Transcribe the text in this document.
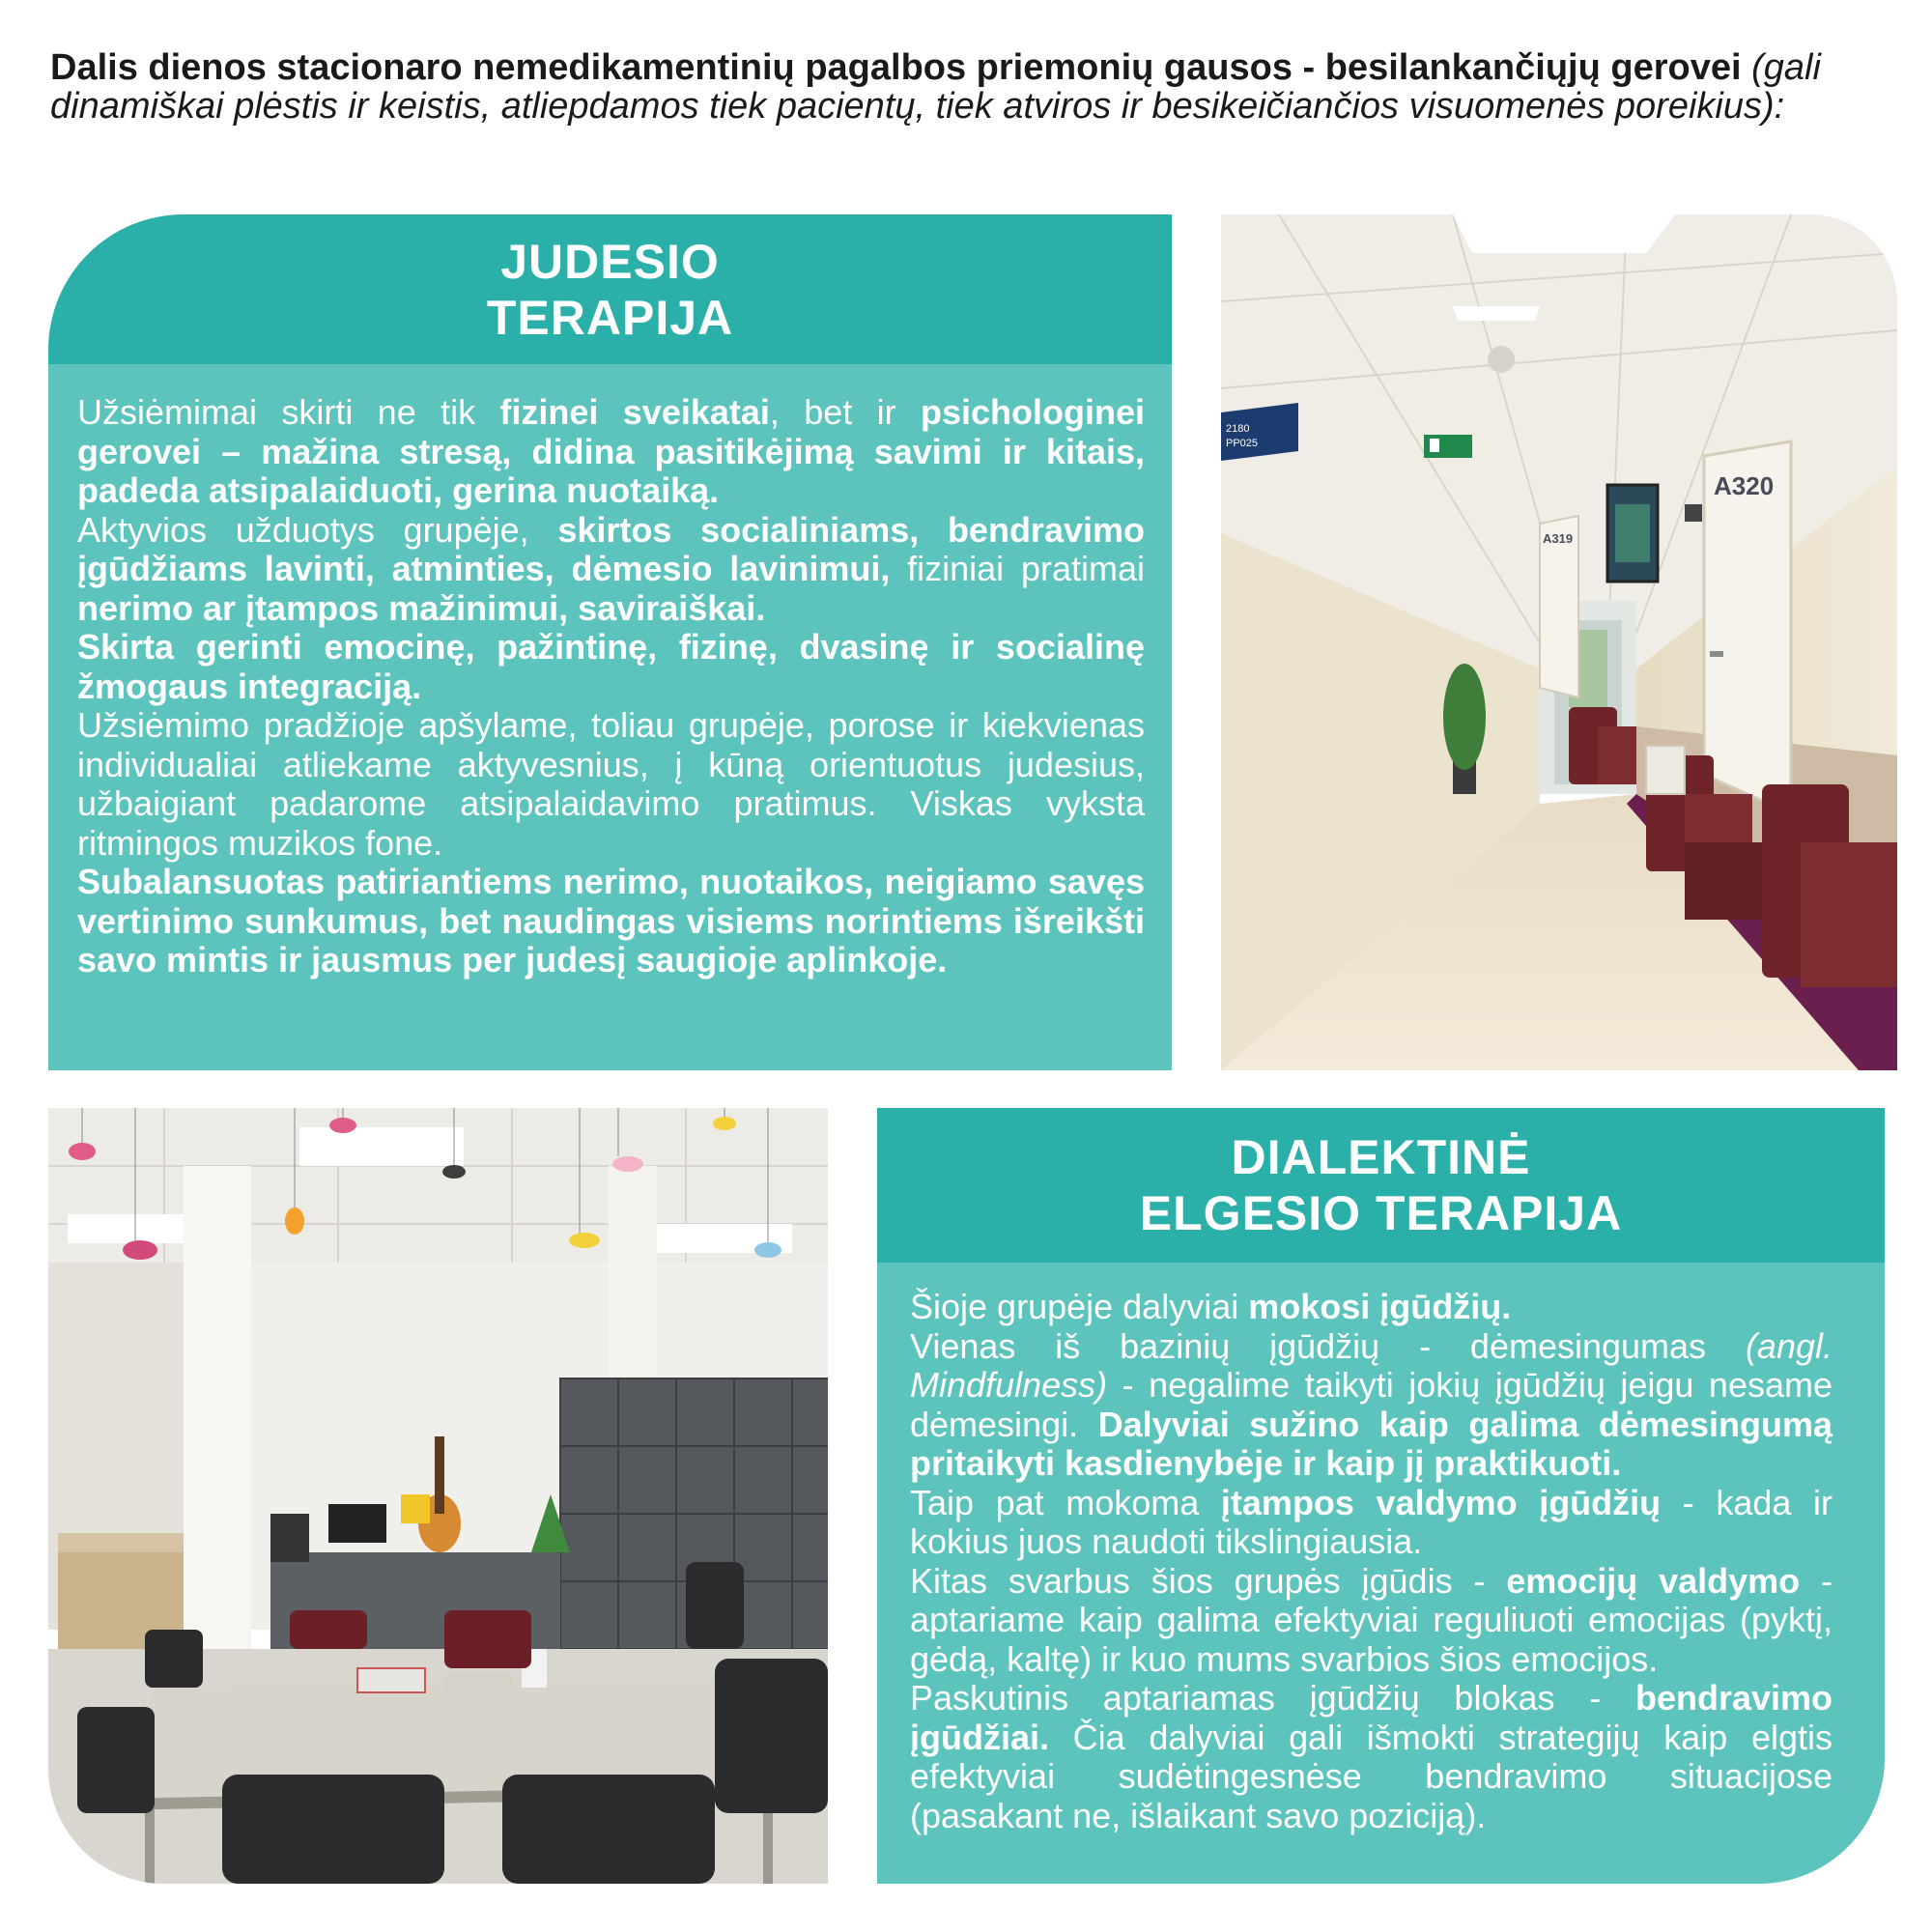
Dalis dienos stacionaro nemedikamentinių pagalbos priemonių gausos - besilankančiųjų gerovei (gali dinamiškai plėstis ir keistis, atliepdamos tiek pacientų, tiek atviros ir besikeičiančios visuomenės poreikius):
JUDESIO
TERAPIJA

Užsiėmimai skirti ne tik fizinei sveikatai, bet ir psichologinei gerovei – mažina stresą, didina pasitikėjimą savimi ir kitais, padeda atsipalaiduoti, gerina nuotaiką.

Aktyvios užduotys grupėje, skirtos socialiniams, bendravimo įgūdžiams lavinti, atminties, dėmesio lavinimui, fiziniai pratimai nerimo ar įtampos mažinimui, saviraiškai.

Skirta gerinti emocinę, pažintinę, fizinę, dvasinę ir socialinę žmogaus integraciją.

Užsiėmimo pradžioje apšylame, toliau grupėje, porose ir kiekvienas individualiai atliekame aktyvesnius, į kūną orientuotus judesius, užbaigiant padarome atsipalaidavimo pratimus. Viskas vyksta ritmingos muzikos fone.

Subalansuotas patiriantiems nerimo, nuotaikos, neigiamo savęs vertinimo sunkumus, bet naudingas visiems norintiems išreikšti savo mintis ir jausmus per judesį saugioje aplinkoje.

A320
A319
2180
PP025
DIALEKTINĖ
ELGESIO TERAPIJA

Šioje grupėje dalyviai mokosi įgūdžių.

Vienas iš bazinių įgūdžių - dėmesingumas (angl. Mindfulness) - negalime taikyti jokių įgūdžių jeigu nesame dėmesingi. Dalyviai sužino kaip galima dėmesingumą pritaikyti kasdienybėje ir kaip jį praktikuoti.

Taip pat mokoma įtampos valdymo įgūdžių - kada ir kokius juos naudoti tikslingiausia.

Kitas svarbus šios grupės įgūdis - emocijų valdymo - aptariame kaip galima efektyviai reguliuoti emocijas (pyktį, gėdą, kaltę) ir kuo mums svarbios šios emocijos.

Paskutinis aptariamas įgūdžių blokas - bendravimo įgūdžiai. Čia dalyviai gali išmokti strategijų kaip elgtis efektyviai sudėtingesnėse bendravimo situacijose (pasakant ne, išlaikant savo poziciją).
